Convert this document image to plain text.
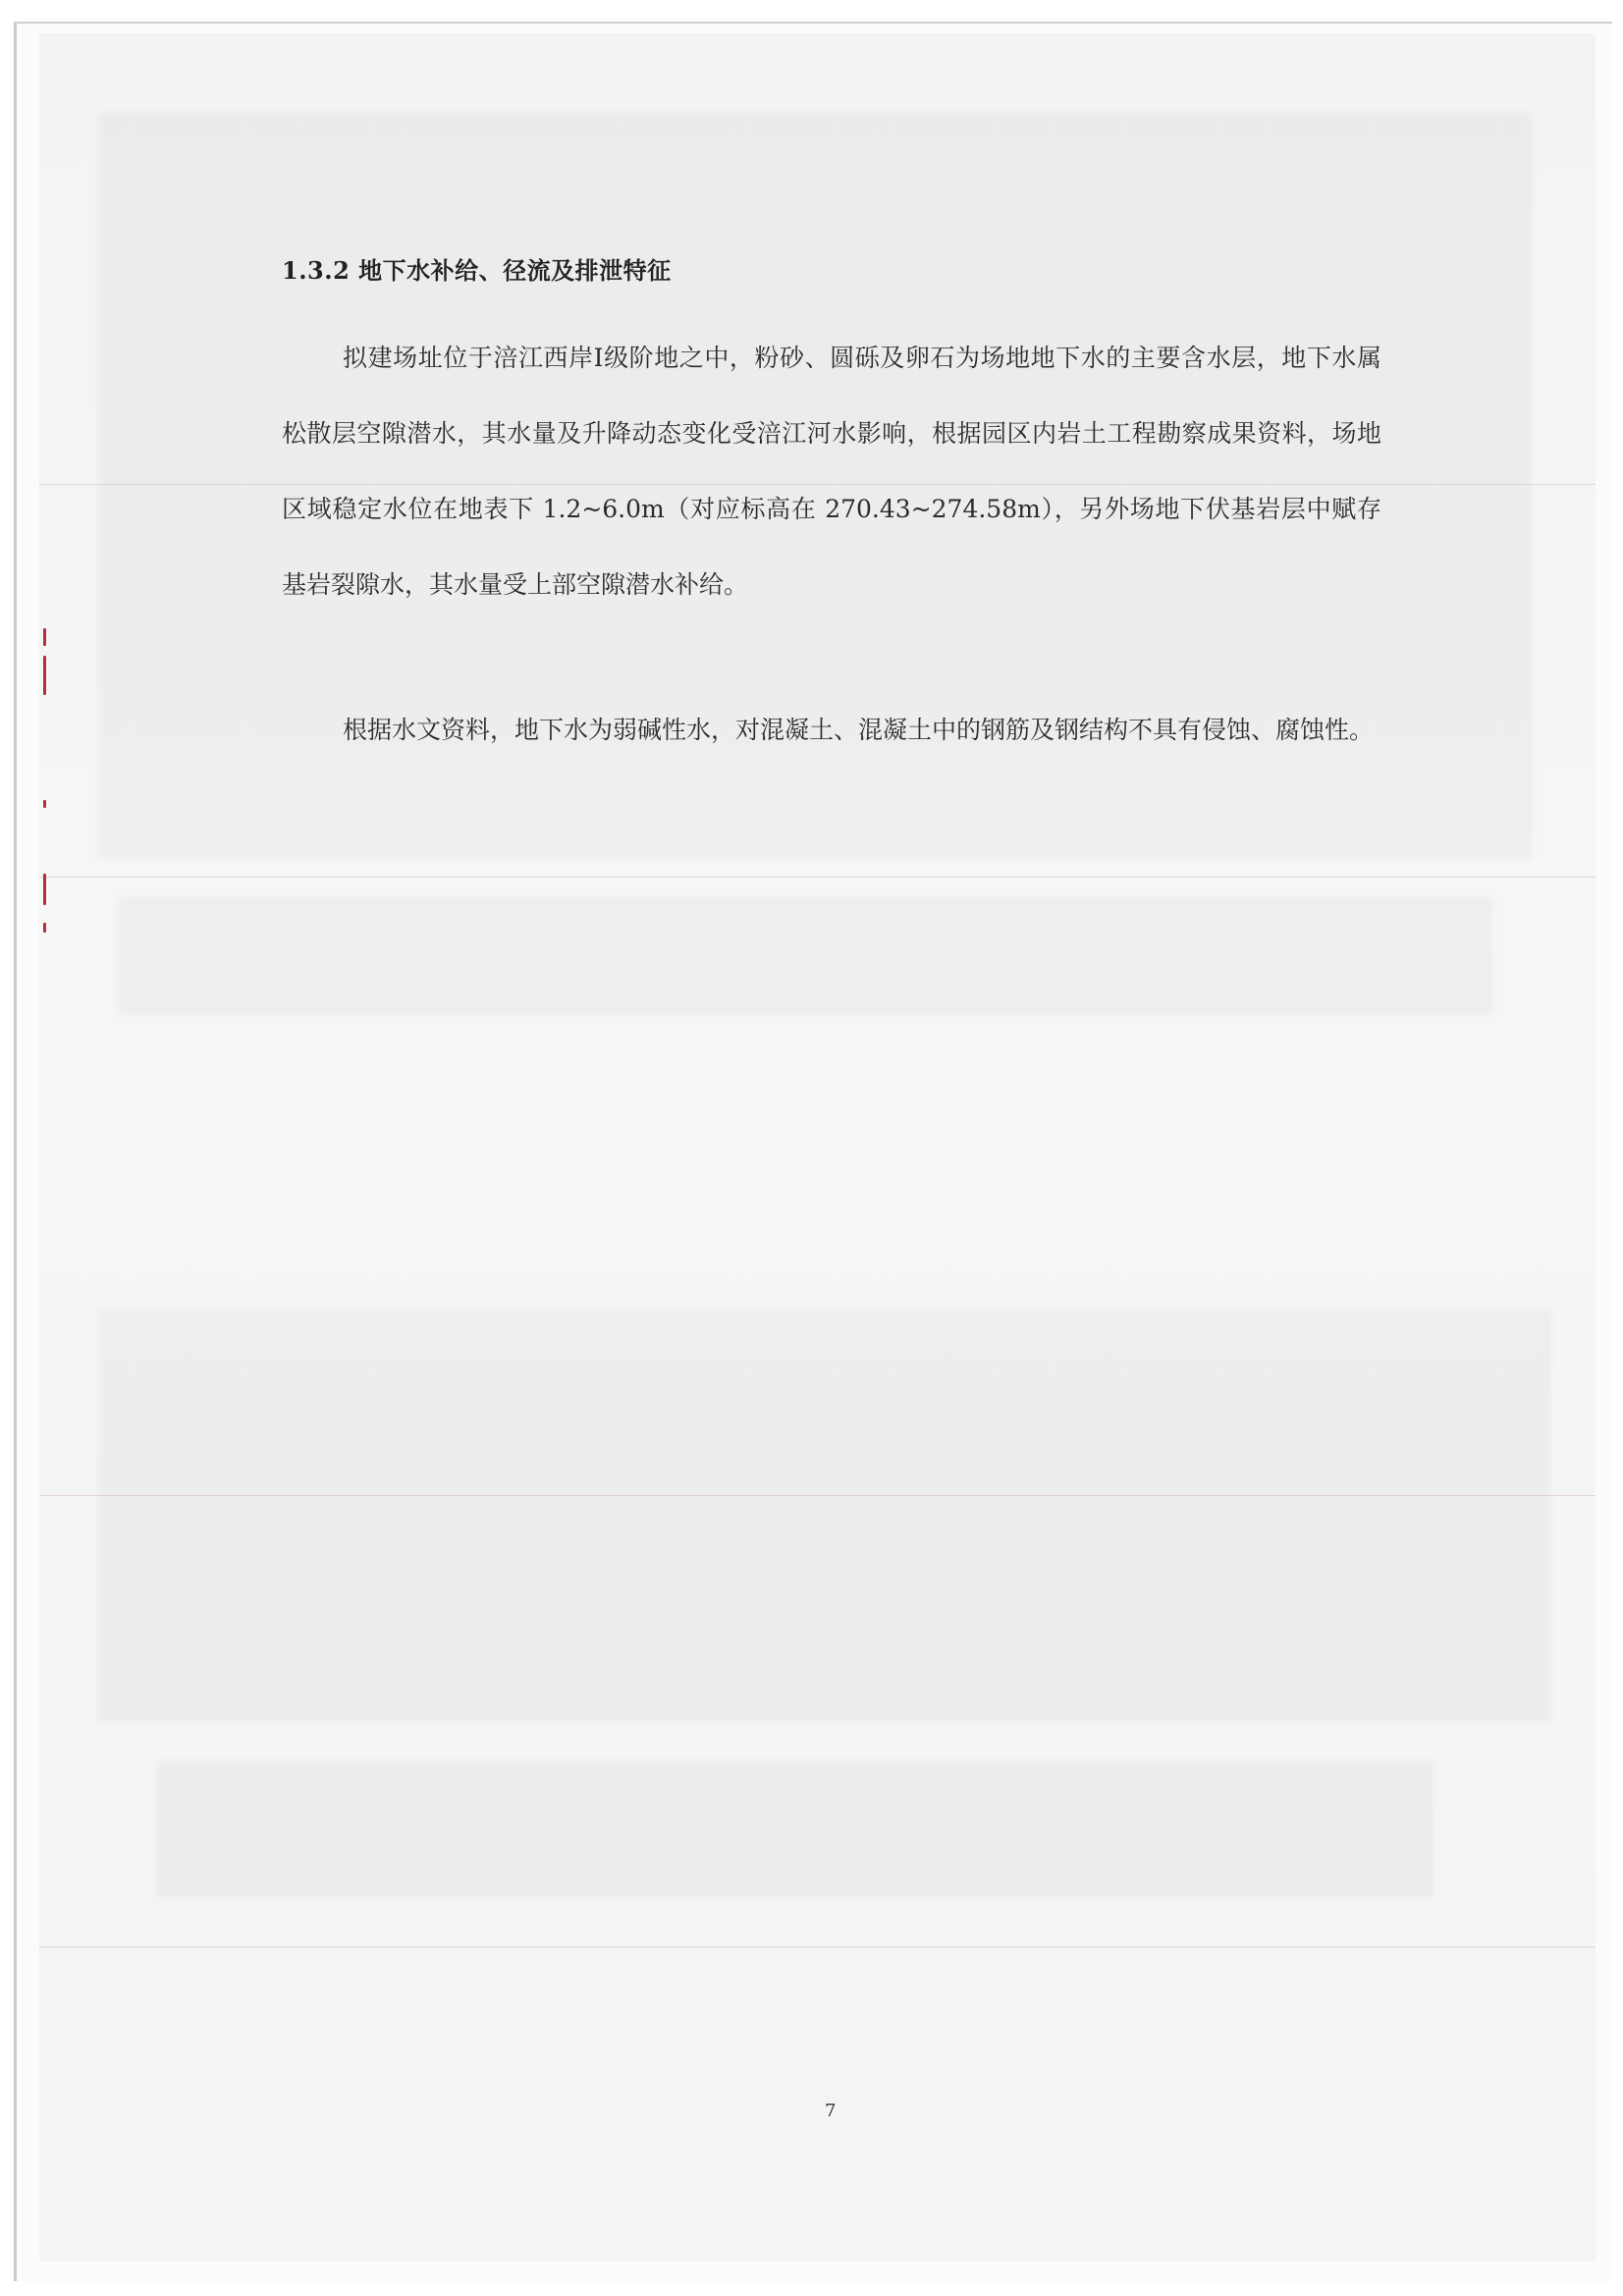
1.3.2 地下水补给、径流及排泄特征
拟建场址位于涪江西岸Ⅰ级阶地之中，粉砂、圆砾及卵石为场地地下水的主要含水层，地下水属松散层空隙潜水，其水量及升降动态变化受涪江河水影响，根据园区内岩土工程勘察成果资料，场地区域稳定水位在地表下 1.2~6.0m（对应标高在 270.43~274.58m），另外场地下伏基岩层中赋存基岩裂隙水，其水量受上部空隙潜水补给。
根据水文资料，地下水为弱碱性水，对混凝土、混凝土中的钢筋及钢结构不具有侵蚀、腐蚀性。
7
